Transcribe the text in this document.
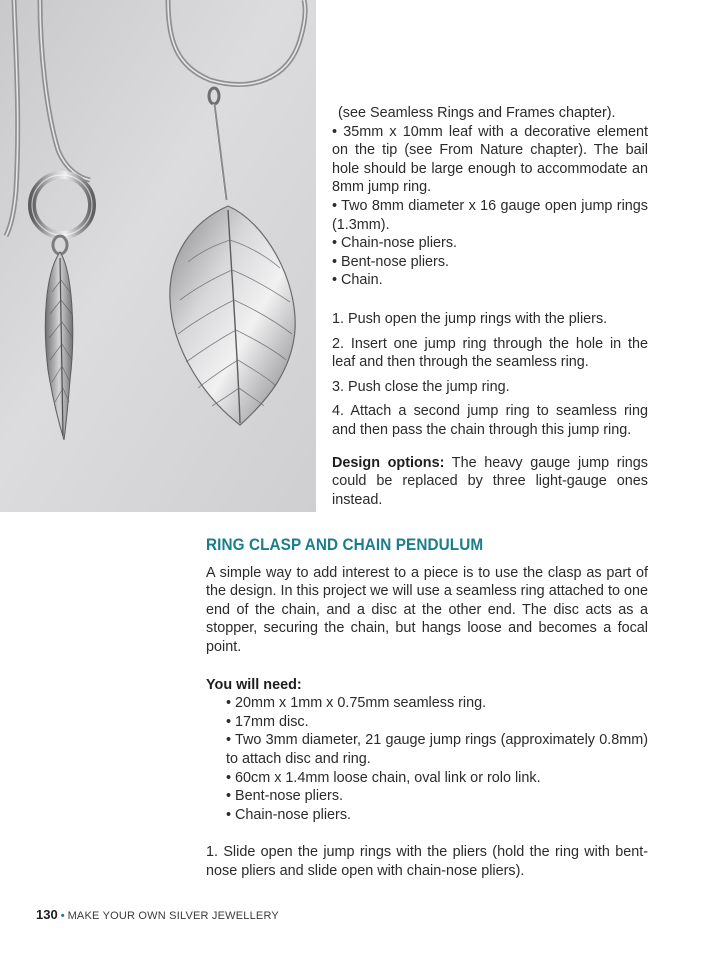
(see Seamless Rings and Frames chapter).

• 35mm x 10mm leaf with a decorative element on the tip (see From Nature chapter). The bail hole should be large enough to accommodate an 8mm jump ring.

• Two 8mm diameter x 16 gauge open jump rings (1.3mm).

• Chain-nose pliers.

• Bent-nose pliers.

• Chain.

1. Push open the jump rings with the pliers.

2. Insert one jump ring through the hole in the leaf and then through the seamless ring.

3. Push close the jump ring.

4. Attach a second jump ring to seamless ring and then pass the chain through this jump ring.

Design options: The heavy gauge jump rings could be replaced by three light-gauge ones instead.

RING CLASP AND CHAIN PENDULUM

A simple way to add interest to a piece is to use the clasp as part of the design. In this project we will use a seamless ring attached to one end of the chain, and a disc at the other end. The disc acts as a stopper, securing the chain, but hangs loose and becomes a focal point.

You will need:

• 20mm x 1mm x 0.75mm seamless ring.
• 17mm disc.
• Two 3mm diameter, 21 gauge jump rings (approximately 0.8mm) to attach disc and ring.
• 60cm x 1.4mm loose chain, oval link or rolo link.
• Bent-nose pliers.
• Chain-nose pliers.

1. Slide open the jump rings with the pliers (hold the ring with bent-nose pliers and slide open with chain-nose pliers).

130 • MAKE YOUR OWN SILVER JEWELLERY
